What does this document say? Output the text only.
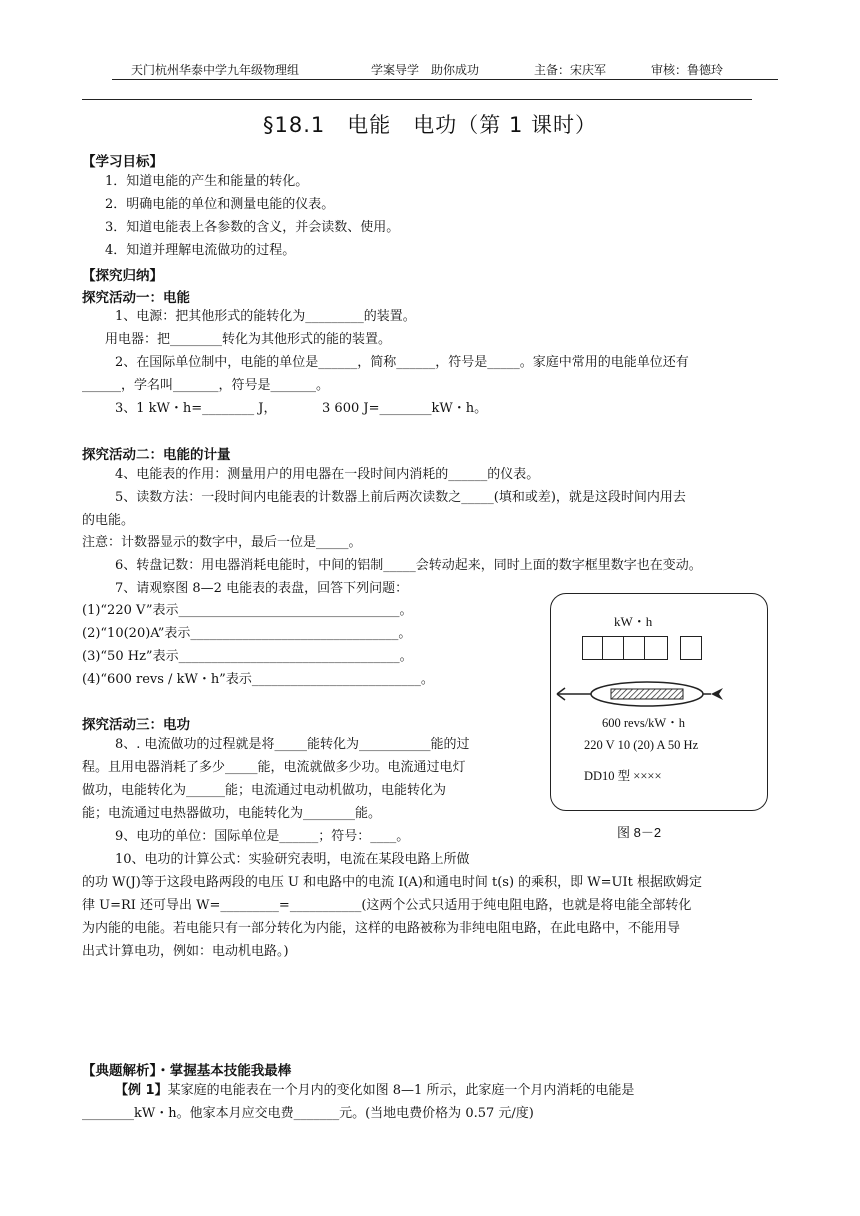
天门杭州华泰中学九年级物理组	学案导学　助你成功	主备：宋庆军	审核：鲁德玲
§18.1　电能　电功（第 1 课时）
【学习目标】
1．知道电能的产生和能量的转化。
2．明确电能的单位和测量电能的仪表。
3．知道电能表上各参数的含义，并会读数、使用。
4．知道并理解电流做功的过程。
【探究归纳】
探究活动一：电能
1、电源：把其他形式的能转化为_________的装置。
用电器：把________转化为其他形式的能的装置。
2、在国际单位制中，电能的单位是______，简称______，符号是_____。家庭中常用的电能单位还有
______，学名叫_______，符号是_______。
3、1 kW・h=________ J，　　　　3 600 J=________kW・h。
探究活动二：电能的计量
4、电能表的作用：测量用户的用电器在一段时间内消耗的______的仪表。
5、读数方法：一段时间内电能表的计数器上前后两次读数之_____(填和或差)，就是这段时间内用去
的电能。
注意：计数器显示的数字中，最后一位是_____。
6、转盘记数：用电器消耗电能时，中间的铝制_____会转动起来，同时上面的数字框里数字也在变动。
7、请观察图 8—2 电能表的表盘，回答下列问题：
(1)“220 V”表示__________________________________。
(2)“10(20)A”表示________________________________。
(3)“50 Hz”表示__________________________________。
(4)“600 revs / kW・h”表示__________________________。
探究活动三：电功
8、. 电流做功的过程就是将_____能转化为___________能的过
程。且用电器消耗了多少_____能，电流就做多少功。电流通过电灯
做功，电能转化为______能；电流通过电动机做功，电能转化为
能；电流通过电热器做功，电能转化为________能。
9、电功的单位：国际单位是______；符号：____。
10、电功的计算公式：实验研究表明，电流在某段电路上所做
的功 W(J)等于这段电路两段的电压 U 和电路中的电流 I(A)和通电时间 t(s) 的乘积，即 W=UIt 根据欧姆定
律 U=RI 还可导出 W=_________=___________(这两个公式只适用于纯电阻电路，也就是将电能全部转化
为内能的电能。若电能只有一部分转化为内能，这样的电路被称为非纯电阻电路，在此电路中，不能用导
出式计算电功，例如：电动机电路。)
kW・h
600 revs/kW・h
220 V 10 (20) A 50 Hz
DD10 型 ××××
图 8－2
【典题解析】・掌握基本技能我最棒
【例 1】某家庭的电能表在一个月内的变化如图 8—1 所示，此家庭一个月内消耗的电能是
________kW・h。他家本月应交电费_______元。(当地电费价格为 0.57 元/度)
